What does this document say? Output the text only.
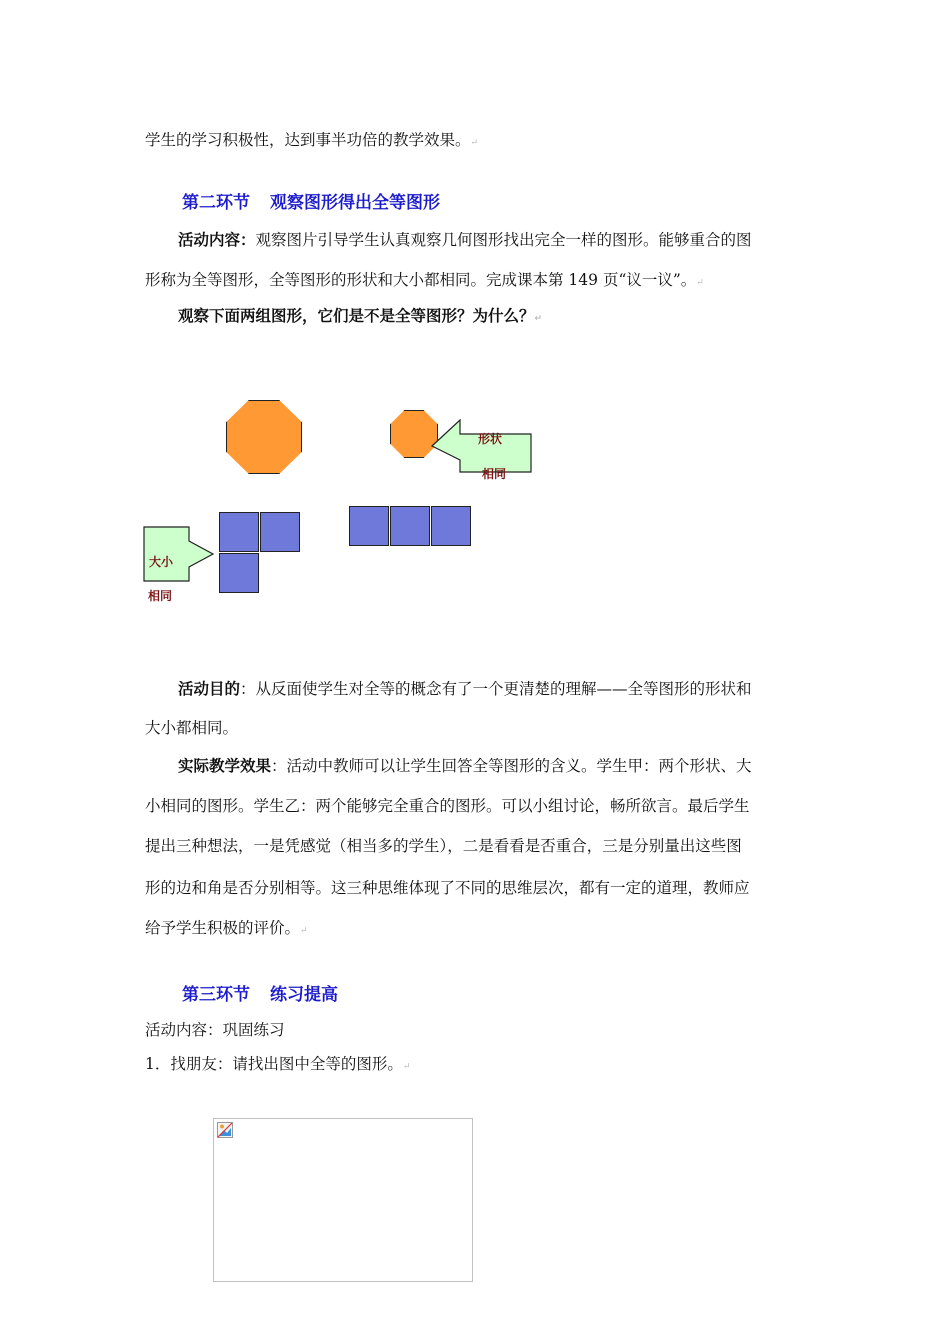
学生的学习积极性，达到事半功倍的教学效果。↵
第二环节 观察图形得出全等图形
活动内容：观察图片引导学生认真观察几何图形找出完全一样的图形。能够重合的图
形称为全等图形，全等图形的形状和大小都相同。完成课本第 149 页“议一议”。↵
观察下面两组图形，它们是不是全等图形？为什么？↵
形状
相同
大小
相同
活动目的：从反面使学生对全等的概念有了一个更清楚的理解——全等图形的形状和
大小都相同。
实际教学效果：活动中教师可以让学生回答全等图形的含义。学生甲：两个形状、大
小相同的图形。学生乙：两个能够完全重合的图形。可以小组讨论，畅所欲言。最后学生
提出三种想法，一是凭感觉（相当多的学生），二是看看是否重合，三是分别量出这些图
形的边和角是否分别相等。这三种思维体现了不同的思维层次，都有一定的道理，教师应
给予学生积极的评价。↵
第三环节 练习提高
活动内容：巩固练习
1．找朋友：请找出图中全等的图形。↵
